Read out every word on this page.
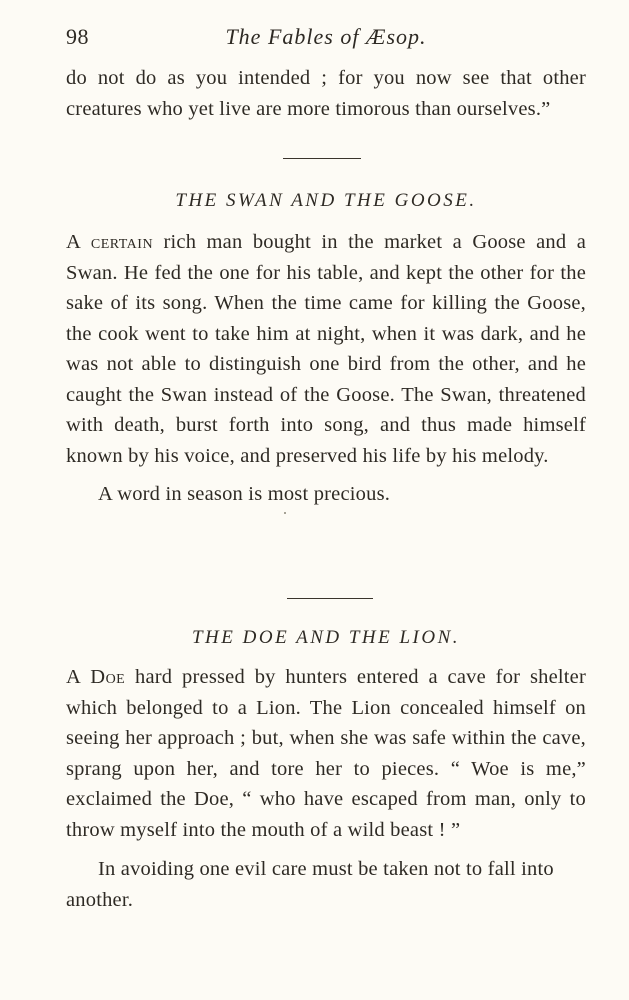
98	The Fables of Æsop.

do not do as you intended ; for you now see that other creatures who yet live are more timorous than ourselves.”

THE SWAN AND THE GOOSE.

A certain rich man bought in the market a Goose and a Swan. He fed the one for his table, and kept the other for the sake of its song. When the time came for killing the Goose, the cook went to take him at night, when it was dark, and he was not able to distinguish one bird from the other, and he caught the Swan instead of the Goose. The Swan, threatened with death, burst forth into song, and thus made himself known by his voice, and preserved his life by his melody.

A word in season is most precious.

THE DOE AND THE LION.

A Doe hard pressed by hunters entered a cave for shelter which belonged to a Lion. The Lion concealed himself on seeing her approach ; but, when she was safe within the cave, sprang upon her, and tore her to pieces. “ Woe is me,” exclaimed the Doe, “ who have escaped from man, only to throw myself into the mouth of a wild beast ! ”

In avoiding one evil care must be taken not to fall into another.
